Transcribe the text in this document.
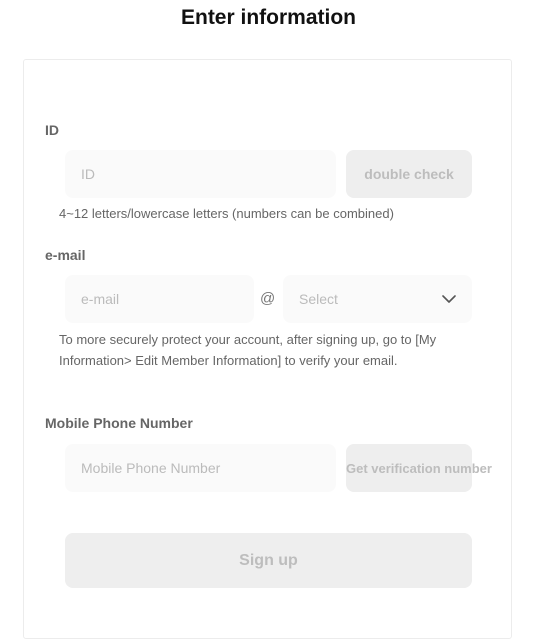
Enter information
ID
ID
double check
4~12 letters/lowercase letters (numbers can be combined)
e-mail
e-mail
@ Select
To more securely protect your account, after signing up, go to [My Information> Edit Member Information] to verify your email.
Mobile Phone Number
Mobile Phone Number
Get verification number
Sign up
